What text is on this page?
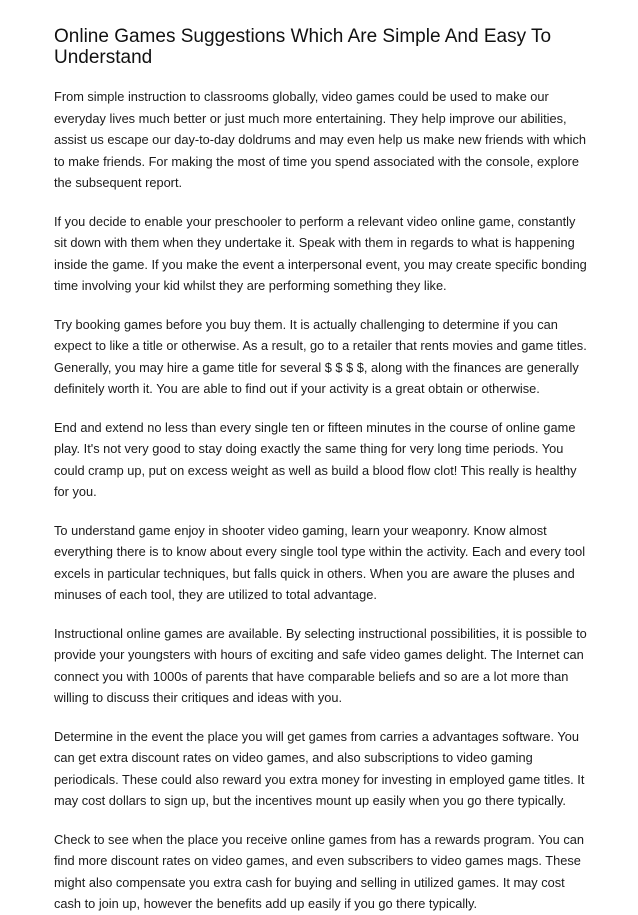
Online Games Suggestions Which Are Simple And Easy To Understand

From simple instruction to classrooms globally, video games could be used to make our everyday lives much better or just much more entertaining. They help improve our abilities, assist us escape our day-to-day doldrums and may even help us make new friends with which to make friends. For making the most of time you spend associated with the console, explore the subsequent report.

If you decide to enable your preschooler to perform a relevant video online game, constantly sit down with them when they undertake it. Speak with them in regards to what is happening inside the game. If you make the event a interpersonal event, you may create specific bonding time involving your kid whilst they are performing something they like.

Try booking games before you buy them. It is actually challenging to determine if you can expect to like a title or otherwise. As a result, go to a retailer that rents movies and game titles. Generally, you may hire a game title for several $ $ $ $, along with the finances are generally definitely worth it. You are able to find out if your activity is a great obtain or otherwise.

End and extend no less than every single ten or fifteen minutes in the course of online game play. It's not very good to stay doing exactly the same thing for very long time periods. You could cramp up, put on excess weight as well as build a blood flow clot! This really is healthy for you.

To understand game enjoy in shooter video gaming, learn your weaponry. Know almost everything there is to know about every single tool type within the activity. Each and every tool excels in particular techniques, but falls quick in others. When you are aware the pluses and minuses of each tool, they are utilized to total advantage.

Instructional online games are available. By selecting instructional possibilities, it is possible to provide your youngsters with hours of exciting and safe video games delight. The Internet can connect you with 1000s of parents that have comparable beliefs and so are a lot more than willing to discuss their critiques and ideas with you.

Determine in the event the place you will get games from carries a advantages software. You can get extra discount rates on video games, and also subscriptions to video gaming periodicals. These could also reward you extra money for investing in employed game titles. It may cost dollars to sign up, but the incentives mount up easily when you go there typically.

Check to see when the place you receive online games from has a rewards program. You can find more discount rates on video games, and even subscribers to video games mags. These might also compensate you extra cash for buying and selling in utilized games. It may cost cash to join up, however the benefits add up easily if you go there typically.
